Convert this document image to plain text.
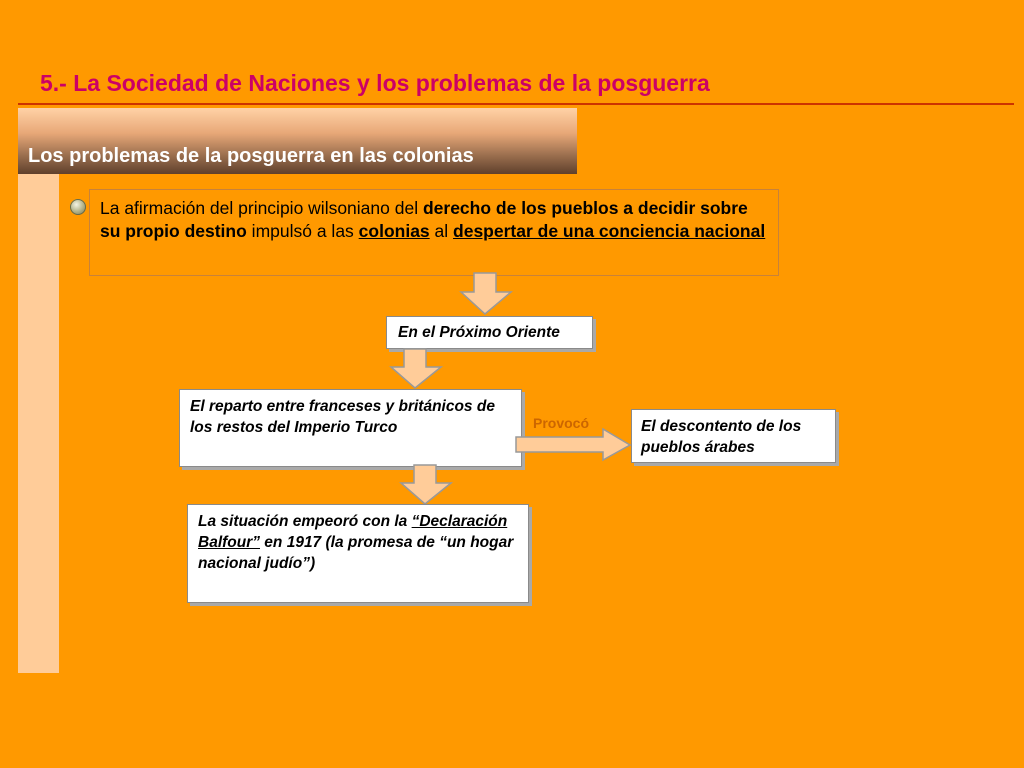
5.- La Sociedad de Naciones y los problemas de la posguerra
Los problemas de la posguerra en las colonias
La afirmación del principio wilsoniano del derecho de los pueblos a decidir sobre su propio destino impulsó a las colonias al despertar de una conciencia nacional
En el Próximo Oriente
El reparto entre franceses y británicos de los restos del Imperio Turco	Provocó	El descontento de los pueblos árabes
La situación empeoró con la “Declaración Balfour” en 1917 (la promesa de “un hogar nacional judío”)
